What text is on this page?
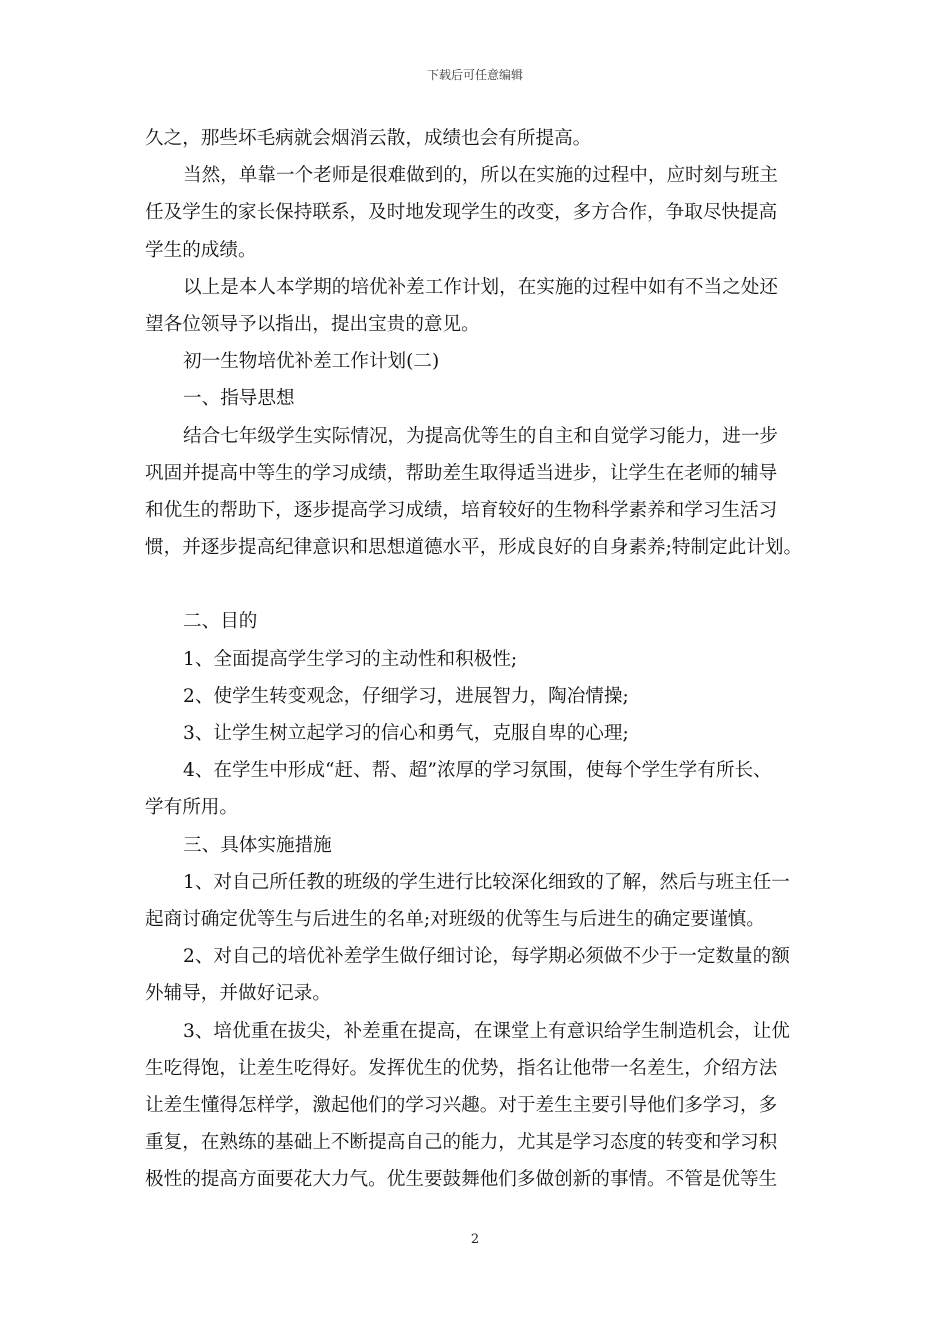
下载后可任意编辑
久之，那些坏毛病就会烟消云散，成绩也会有所提高。
当然，单靠一个老师是很难做到的，所以在实施的过程中，应时刻与班主
任及学生的家长保持联系，及时地发现学生的改变，多方合作，争取尽快提高
学生的成绩。
以上是本人本学期的培优补差工作计划，在实施的过程中如有不当之处还
望各位领导予以指出，提出宝贵的意见。
初一生物培优补差工作计划(二)
一、指导思想
结合七年级学生实际情况，为提高优等生的自主和自觉学习能力，进一步
巩固并提高中等生的学习成绩，帮助差生取得适当进步，让学生在老师的辅导
和优生的帮助下，逐步提高学习成绩，培育较好的生物科学素养和学习生活习
惯，并逐步提高纪律意识和思想道德水平，形成良好的自身素养;特制定此计划。
二、目的
1、全面提高学生学习的主动性和积极性;
2、使学生转变观念，仔细学习，进展智力，陶冶情操;
3、让学生树立起学习的信心和勇气，克服自卑的心理;
4、在学生中形成“赶、帮、超”浓厚的学习氛围，使每个学生学有所长、
学有所用。
三、具体实施措施
1、对自己所任教的班级的学生进行比较深化细致的了解，然后与班主任一
起商讨确定优等生与后进生的名单;对班级的优等生与后进生的确定要谨慎。
2、对自己的培优补差学生做仔细讨论，每学期必须做不少于一定数量的额
外辅导，并做好记录。
3、培优重在拔尖，补差重在提高，在课堂上有意识给学生制造机会，让优
生吃得饱，让差生吃得好。发挥优生的优势，指名让他带一名差生，介绍方法
让差生懂得怎样学，激起他们的学习兴趣。对于差生主要引导他们多学习，多
重复，在熟练的基础上不断提高自己的能力，尤其是学习态度的转变和学习积
极性的提高方面要花大力气。优生要鼓舞他们多做创新的事情。不管是优等生
2
